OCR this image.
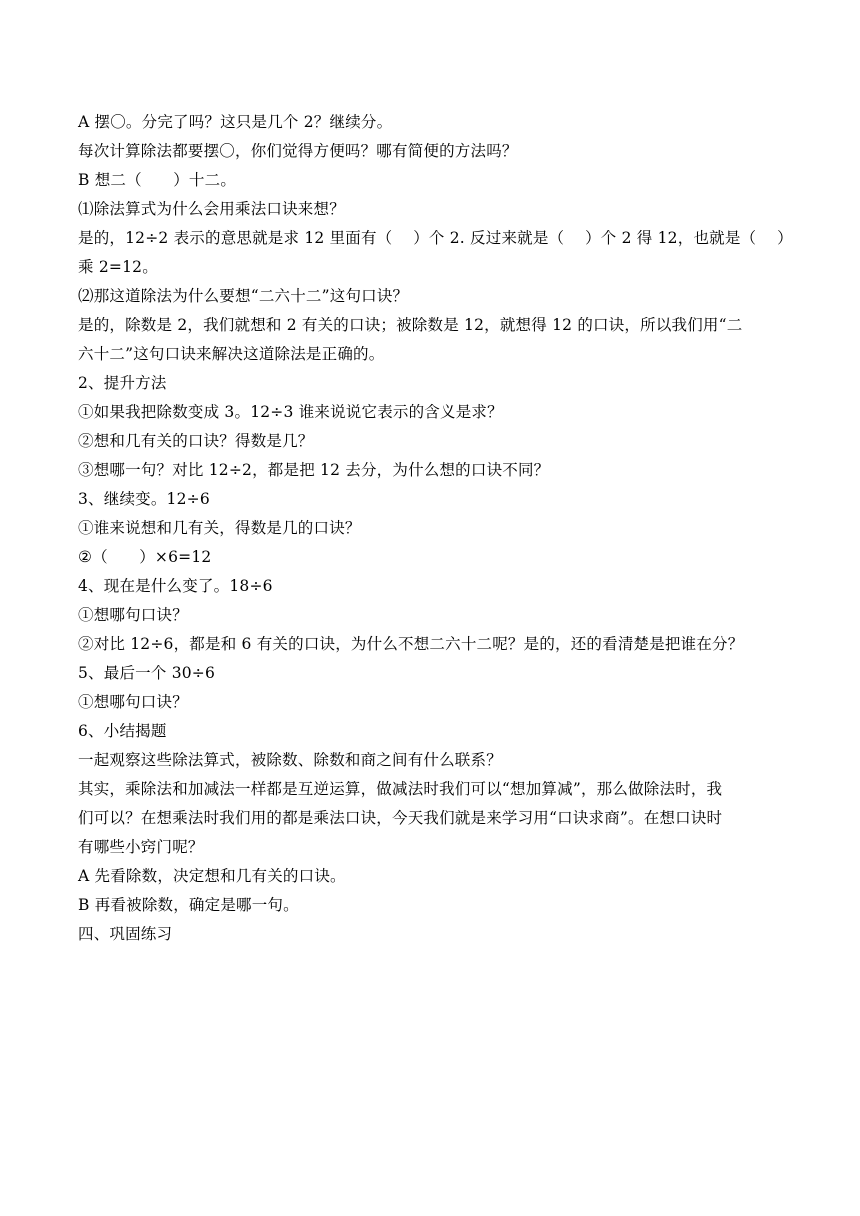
A 摆〇。分完了吗？这只是几个 2？继续分。
每次计算除法都要摆〇，你们觉得方便吗？哪有简便的方法吗？
B 想二（　　）十二。
⑴除法算式为什么会用乘法口诀来想？
是的，12÷2 表示的意思就是求 12 里面有（　 ）个 2. 反过来就是（　 ）个 2 得 12，也就是（　 ）
乘 2=12。
⑵那这道除法为什么要想“二六十二”这句口诀？
是的，除数是 2，我们就想和 2 有关的口诀；被除数是 12，就想得 12 的口诀，所以我们用“二
六十二”这句口诀来解决这道除法是正确的。
2、提升方法
①如果我把除数变成 3。12÷3 谁来说说它表示的含义是求？
②想和几有关的口诀？得数是几？
③想哪一句？对比 12÷2，都是把 12 去分，为什么想的口诀不同？
3、继续变。12÷6
①谁来说想和几有关，得数是几的口诀？
②（　　）×6=12
4、现在是什么变了。18÷6
①想哪句口诀？
②对比 12÷6，都是和 6 有关的口诀，为什么不想二六十二呢？是的，还的看清楚是把谁在分？
5、最后一个 30÷6
①想哪句口诀？
6、小结揭题
一起观察这些除法算式，被除数、除数和商之间有什么联系？
其实，乘除法和加减法一样都是互逆运算，做减法时我们可以“想加算减”，那么做除法时，我
们可以？在想乘法时我们用的都是乘法口诀，今天我们就是来学习用“口诀求商”。在想口诀时
有哪些小窍门呢？
A 先看除数，决定想和几有关的口诀。
B 再看被除数，确定是哪一句。
四、巩固练习
